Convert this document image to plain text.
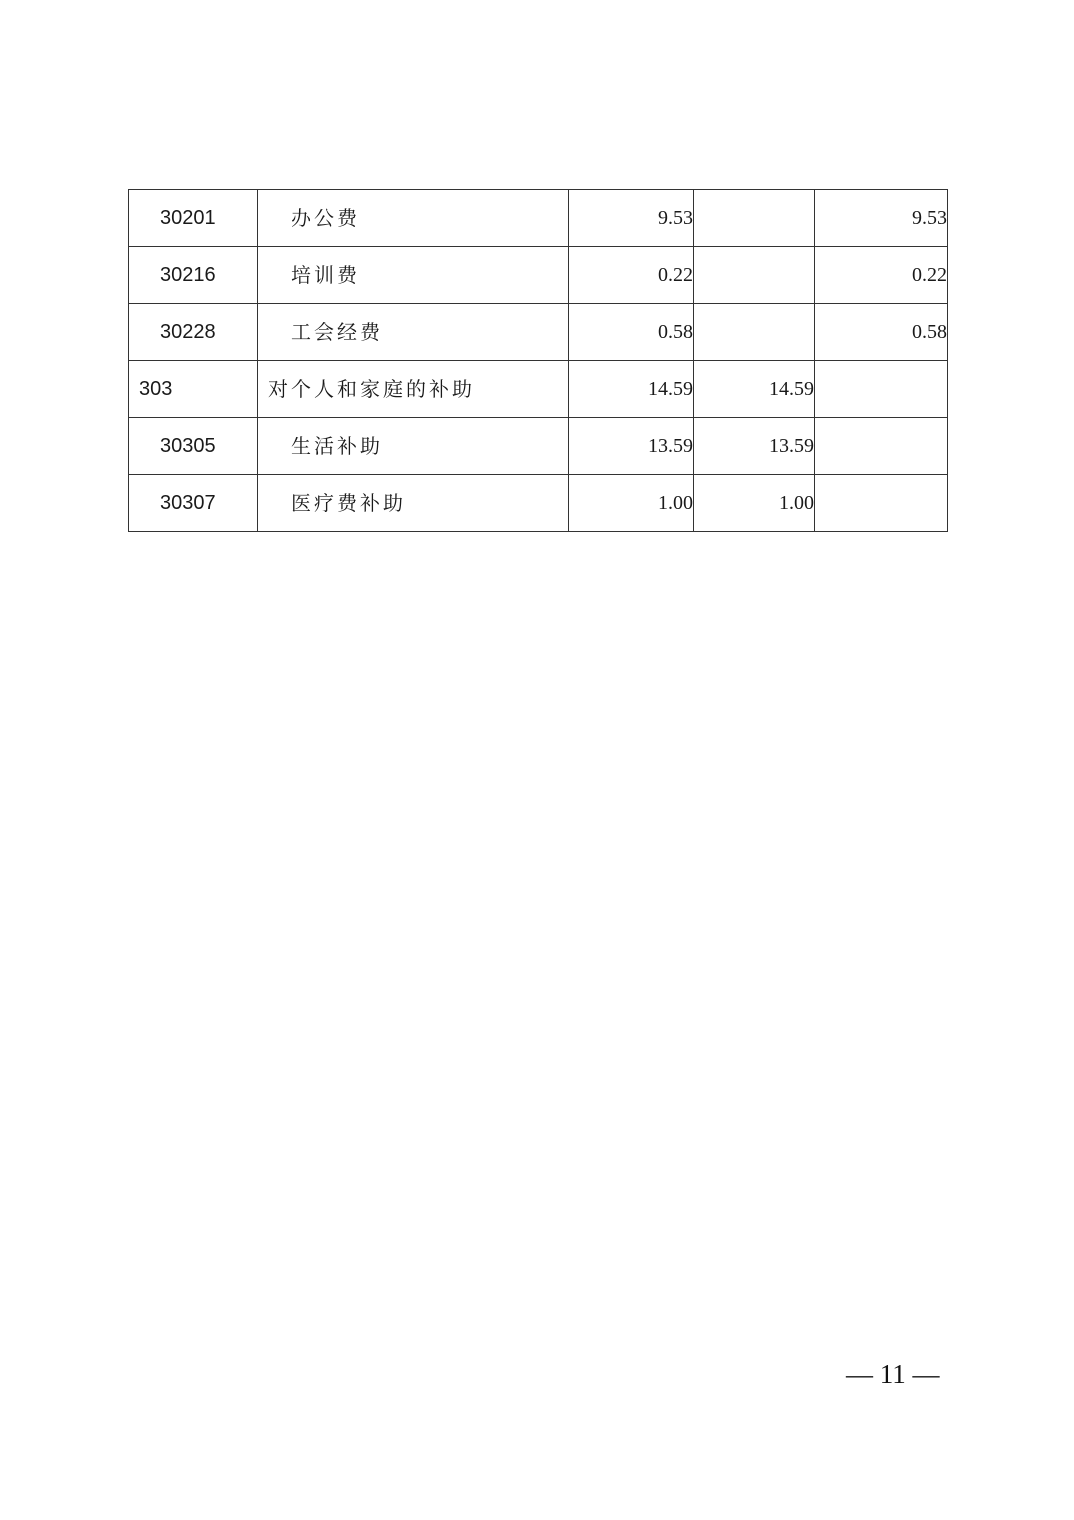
30201	办公费	9.53		9.53
30216	培训费	0.22		0.22
30228	工会经费	0.58		0.58
303	对个人和家庭的补助	14.59	14.59	
30305	生活补助	13.59	13.59	
30307	医疗费补助	1.00	1.00	
— 11 —
